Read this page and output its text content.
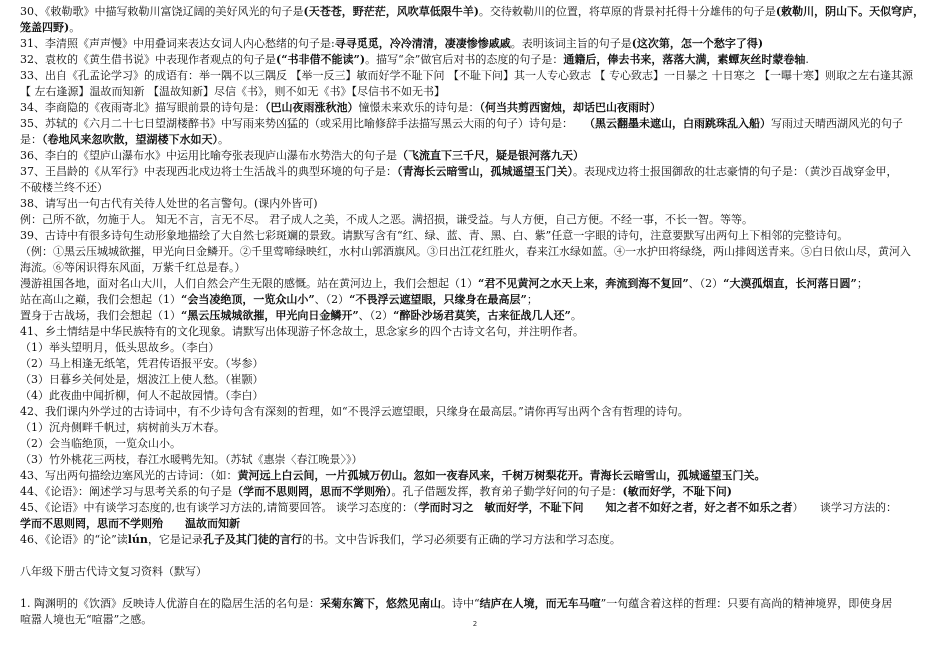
30、《敕勒歌》中描写敕勒川富饶辽阔的美好风光的句子是(天苍苍，野茫茫，风吹草低限牛羊)。交待敕勒川的位置，将草原的背景衬托得十分雄伟的句子是(敕勒川，阴山下。天似穹庐，
笼盖四野)。
31、李清照《声声慢》中用叠词来表达女词人内心愁绪的句子是:寻寻觅觅，冷冷清清，凄凄惨惨戚戚。表明该词主旨的句子是(这次第，怎一个愁字了得)
32、袁枚的《黄生借书说》中表现作者观点的句子是(“书非借不能读”)。描写“余”做官后对书的态度的句子是：通籍后，俸去书来，落落大满，素蟫灰丝时蒙卷轴.
33、出自《孔孟论学习》的成语有：举一隅不以三隅反 【举一反三】敏而好学不耻下问 【不耻下问】其一人专心致志 【 专心致志】一日暴之 十日寒之 【一曝十寒】则取之左右逢其源
【 左右逢源】温故而知新 【温故知新】尽信《书》，则不如无《书》【尽信书不如无书】
34、李商隐的《夜雨寄北》描写眼前景的诗句是：（巴山夜雨涨秋池）憧憬未来欢乐的诗句是：（何当共剪西窗烛，却话巴山夜雨时）
35、苏轼的《六月二十七日望湖楼醉书》中写雨来势凶猛的（或采用比喻修辞手法描写黑云大雨的句子）诗句是：　　（黑云翻墨未遮山，白雨跳珠乱入船）写雨过天晴西湖风光的句子
是：（卷地风来忽吹散，望湖楼下水如天）。
36、李白的《望庐山瀑布水》中运用比喻夸张表现庐山瀑布水势浩大的句子是（飞流直下三千尺，疑是银河落九天）
37、王昌龄的《从军行》中表现西北戍边将士生活战斗的典型环境的句子是：（青海长云暗雪山，孤城遥望玉门关）。表现戍边将士报国御敌的壮志豪情的句子是：（黄沙百战穿金甲，
不破楼兰终不还）
38、请写出一句古代有关待人处世的名言警句。(课内外皆可)
例：己所不欲，勿施于人。 知无不言，言无不尽。 君子成人之美，不成人之恶。满招损，谦受益。与人方便，自己方便。不经一事，不长一智。等等。
39、古诗中有很多诗句生动形象地描绘了大自然七彩斑斓的景致。请默写含有“红、绿、蓝、青、黑、白、紫”任意一字眼的诗句，注意要默写出两句上下相邻的完整诗句。
（例：①黑云压城城欲摧，甲光向日金鳞开。②千里莺啼绿映红，水村山郭酒旗风。③日出江花红胜火，春来江水绿如蓝。④一水护田将绿绕，两山排闼送青来。⑤白日依山尽，黄河入
海流。⑥等闲识得东风面，万紫千红总是春。）
漫游祖国各地，面对名山大川，人们自然会产生无限的感慨。站在黄河边上，我们会想起（1）“君不见黄河之水天上来，奔流到海不复回”、（2）“大漠孤烟直，长河落日圆”；
站在高山之巅，我们会想起（1）“会当凌绝顶，一览众山小”、（2）“不畏浮云遮望眼，只缘身在最高层”；
置身于古战场，我们会想起（1）“黑云压城城欲摧，甲光向日金鳞开”、（2）“醉卧沙场君莫笑，古来征战几人还”。
41、乡土情结是中华民族特有的文化现象。请默写出体现游子怀念故土，思念家乡的四个古诗文名句，并注明作者。
（1）举头望明月，低头思故乡。（李白）
（2）马上相逢无纸笔，凭君传语报平安。（岑参）
（3）日暮乡关何处是，烟波江上使人愁。（崔颢）
（4）此夜曲中闻折柳，何人不起故园情。（李白）
42、我们课内外学过的古诗词中，有不少诗句含有深刻的哲理，如“不畏浮云遮望眼，只缘身在最高层。”请你再写出两个含有哲理的诗句。
（1）沉舟侧畔千帆过，病树前头万木春。
（2）会当临绝顶，一览众山小。
（3）竹外桃花三两枝，春江水暖鸭先知。（苏轼《惠崇〈春江晚景〉》）
43、写出两句描绘边塞风光的古诗词：（如：黄河远上白云间，一片孤城万仞山。忽如一夜春风来，千树万树梨花开。青海长云暗雪山，孤城遥望玉门关。
44、《论语》：阐述学习与思考关系的句子是（学而不思则罔，思而不学则殆）。孔子借题发挥，教育弟子勤学好问的句子是：(敏而好学，不耻下问)
45、《论语》中有谈学习态度的,也有谈学习方法的,请简要回答。 谈学习态度的：（学而时习之　敏而好学，不耻下问　　知之者不如好之者，好之者不如乐之者）　　谈学习方法的：
学而不思则罔，思而不学则殆　　温故而知新
46、《论语》的“论”读lún，它是记录孔子及其门徒的言行的书。文中告诉我们，学习必须要有正确的学习方法和学习态度。
八年级下册古代诗文复习资料（默写）
1. 陶渊明的《饮酒》反映诗人优游自在的隐居生活的名句是：采菊东篱下，悠然见南山。诗中“结庐在人境，而无车马喧”一句蕴含着这样的哲理：只要有高尚的精神境界，即使身居
喧嚣人境也无“喧嚣”之感。	2
